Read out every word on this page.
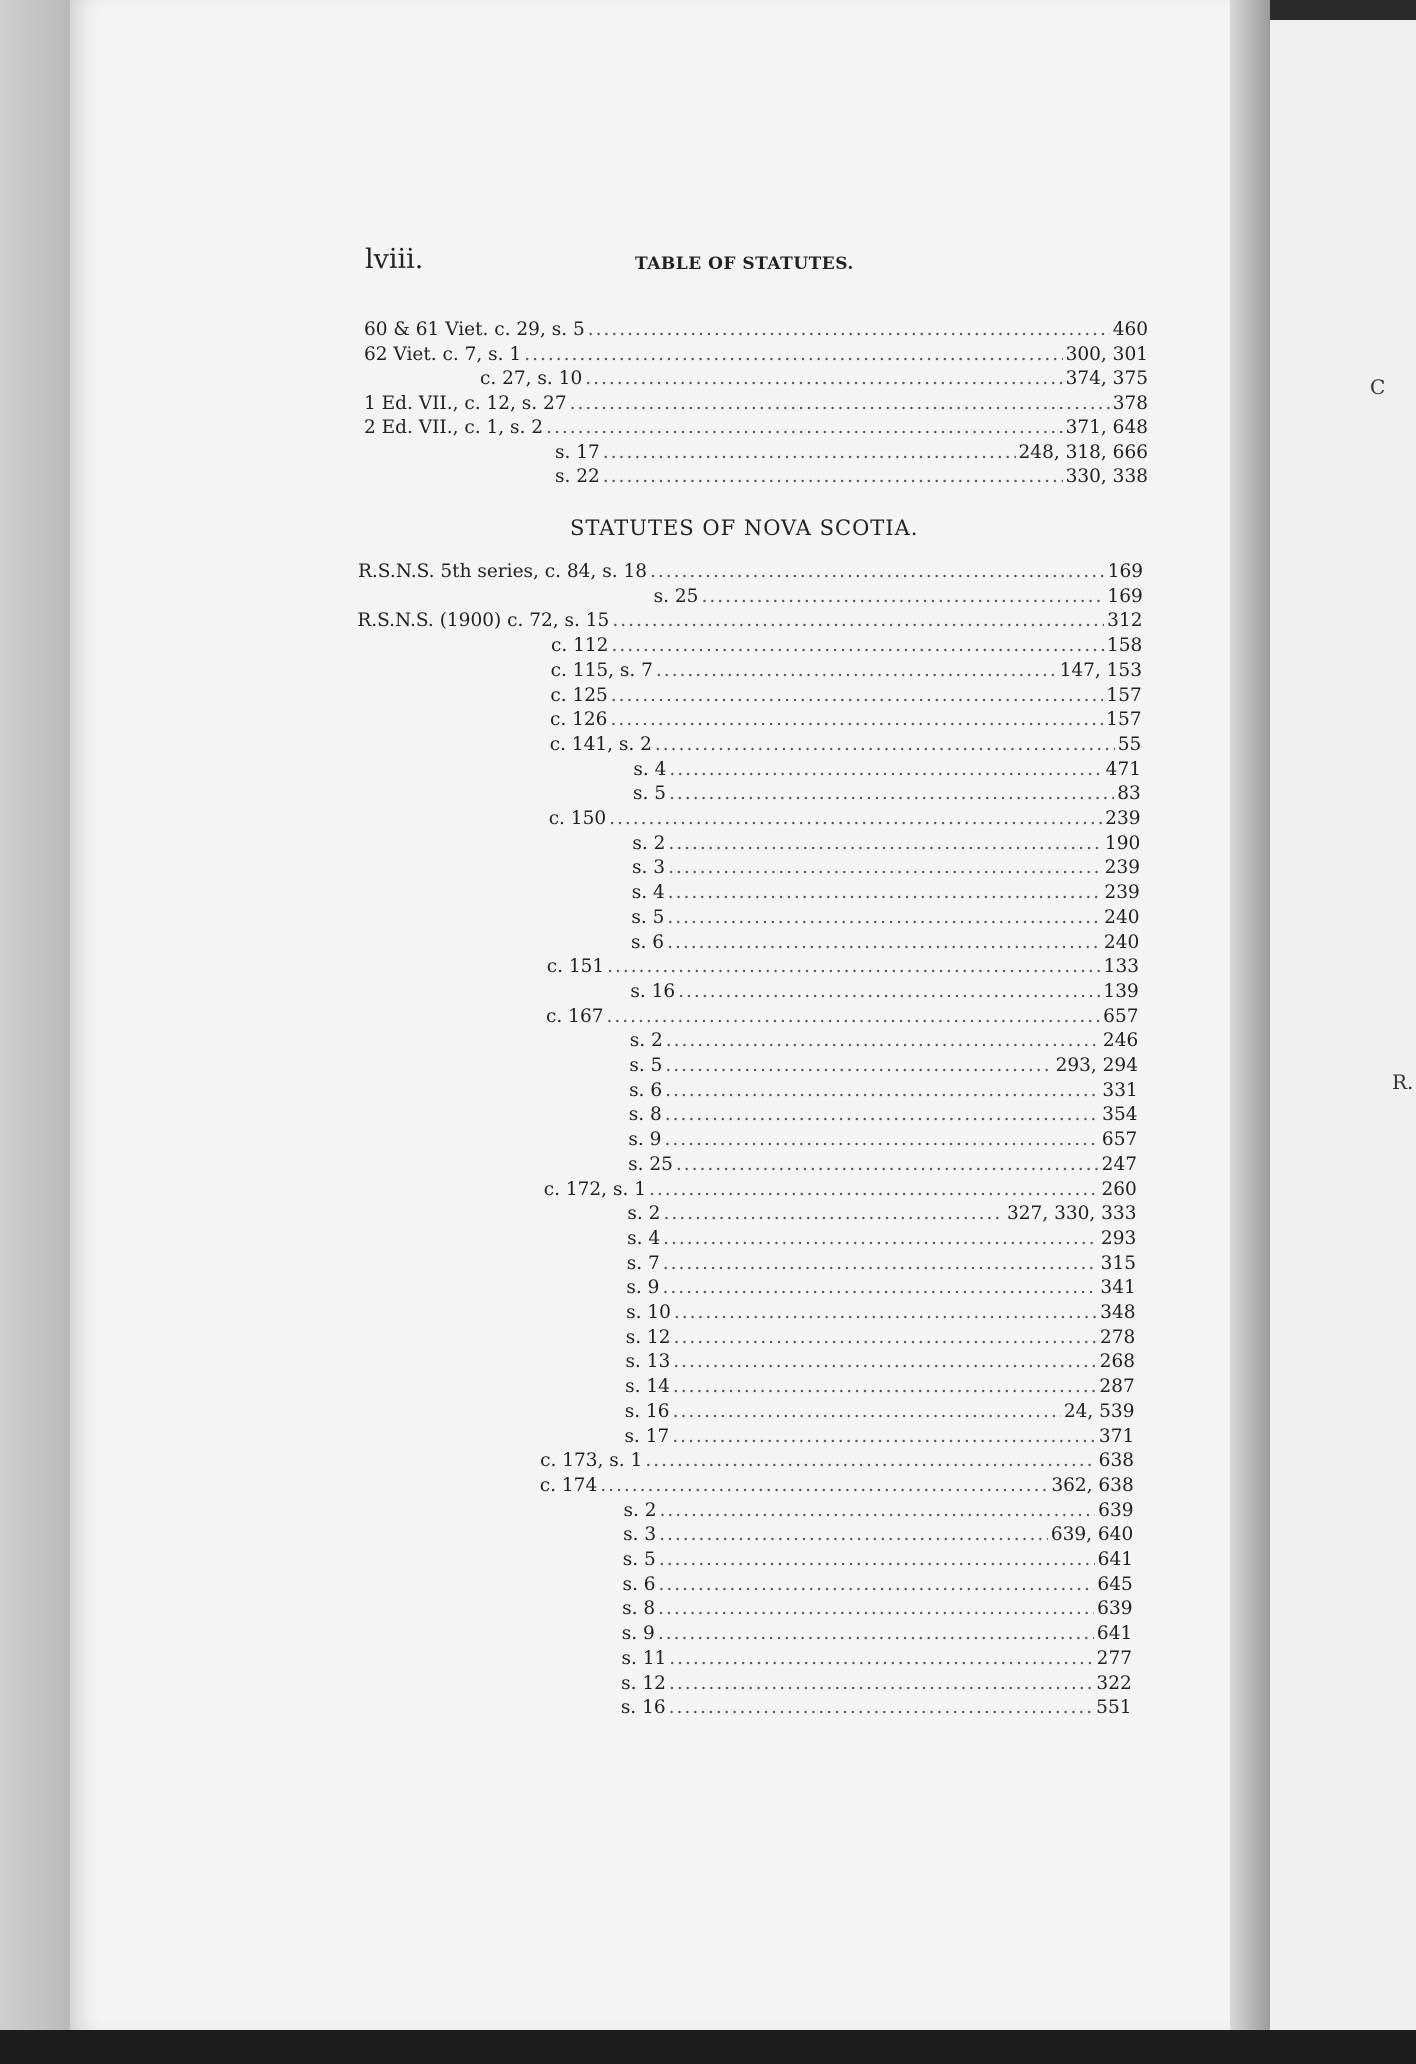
C
R.
lviii.	TABLE OF STATUTES.
STATUTES OF NOVA SCOTIA.
60 & 61 Viet. c. 29, s. 5 .....	460
62 Viet. c. 7, s. 1 .....	300, 301
c. 27, s. 10 .....	374, 375
1 Ed. VII., c. 12, s. 27 .....	378
2 Ed. VII., c. 1, s. 2 .....	371, 648
s. 17 .....	248, 318, 666
s. 22 .....	330, 338
R.S.N.S. 5th series, c. 84, s. 18 .....	169
s. 25 .....	169
R.S.N.S. (1900) c. 72, s. 15 .....	312
c. 112 .....	158
c. 115, s. 7 .....	147, 153
c. 125 .....	157
c. 126 .....	157
c. 141, s. 2 .....	55
s. 4 .....	471
s. 5 .....	83
c. 150 .....	239
s. 2 .....	190
s. 3 .....	239
s. 4 .....	239
s. 5 .....	240
s. 6 .....	240
c. 151 .....	133
s. 16 .....	139
c. 167 .....	657
s. 2 .....	246
s. 5 .....	293, 294
s. 6 .....	331
s. 8 .....	354
s. 9 .....	657
s. 25 .....	247
c. 172, s. 1 .....	260
s. 2 .....	327, 330, 333
s. 4 .....	293
s. 7 .....	315
s. 9 .....	341
s. 10 .....	348
s. 12 .....	278
s. 13 .....	268
s. 14 .....	287
s. 16 .....	24, 539
s. 17 .....	371
c. 173, s. 1 .....	638
c. 174 .....	362, 638
s. 2 .....	639
s. 3 .....	639, 640
s. 5 .....	641
s. 6 .....	645
s. 8 .....	639
s. 9 .....	641
s. 11 .....	277
s. 12 .....	322
s. 16 .....	551
